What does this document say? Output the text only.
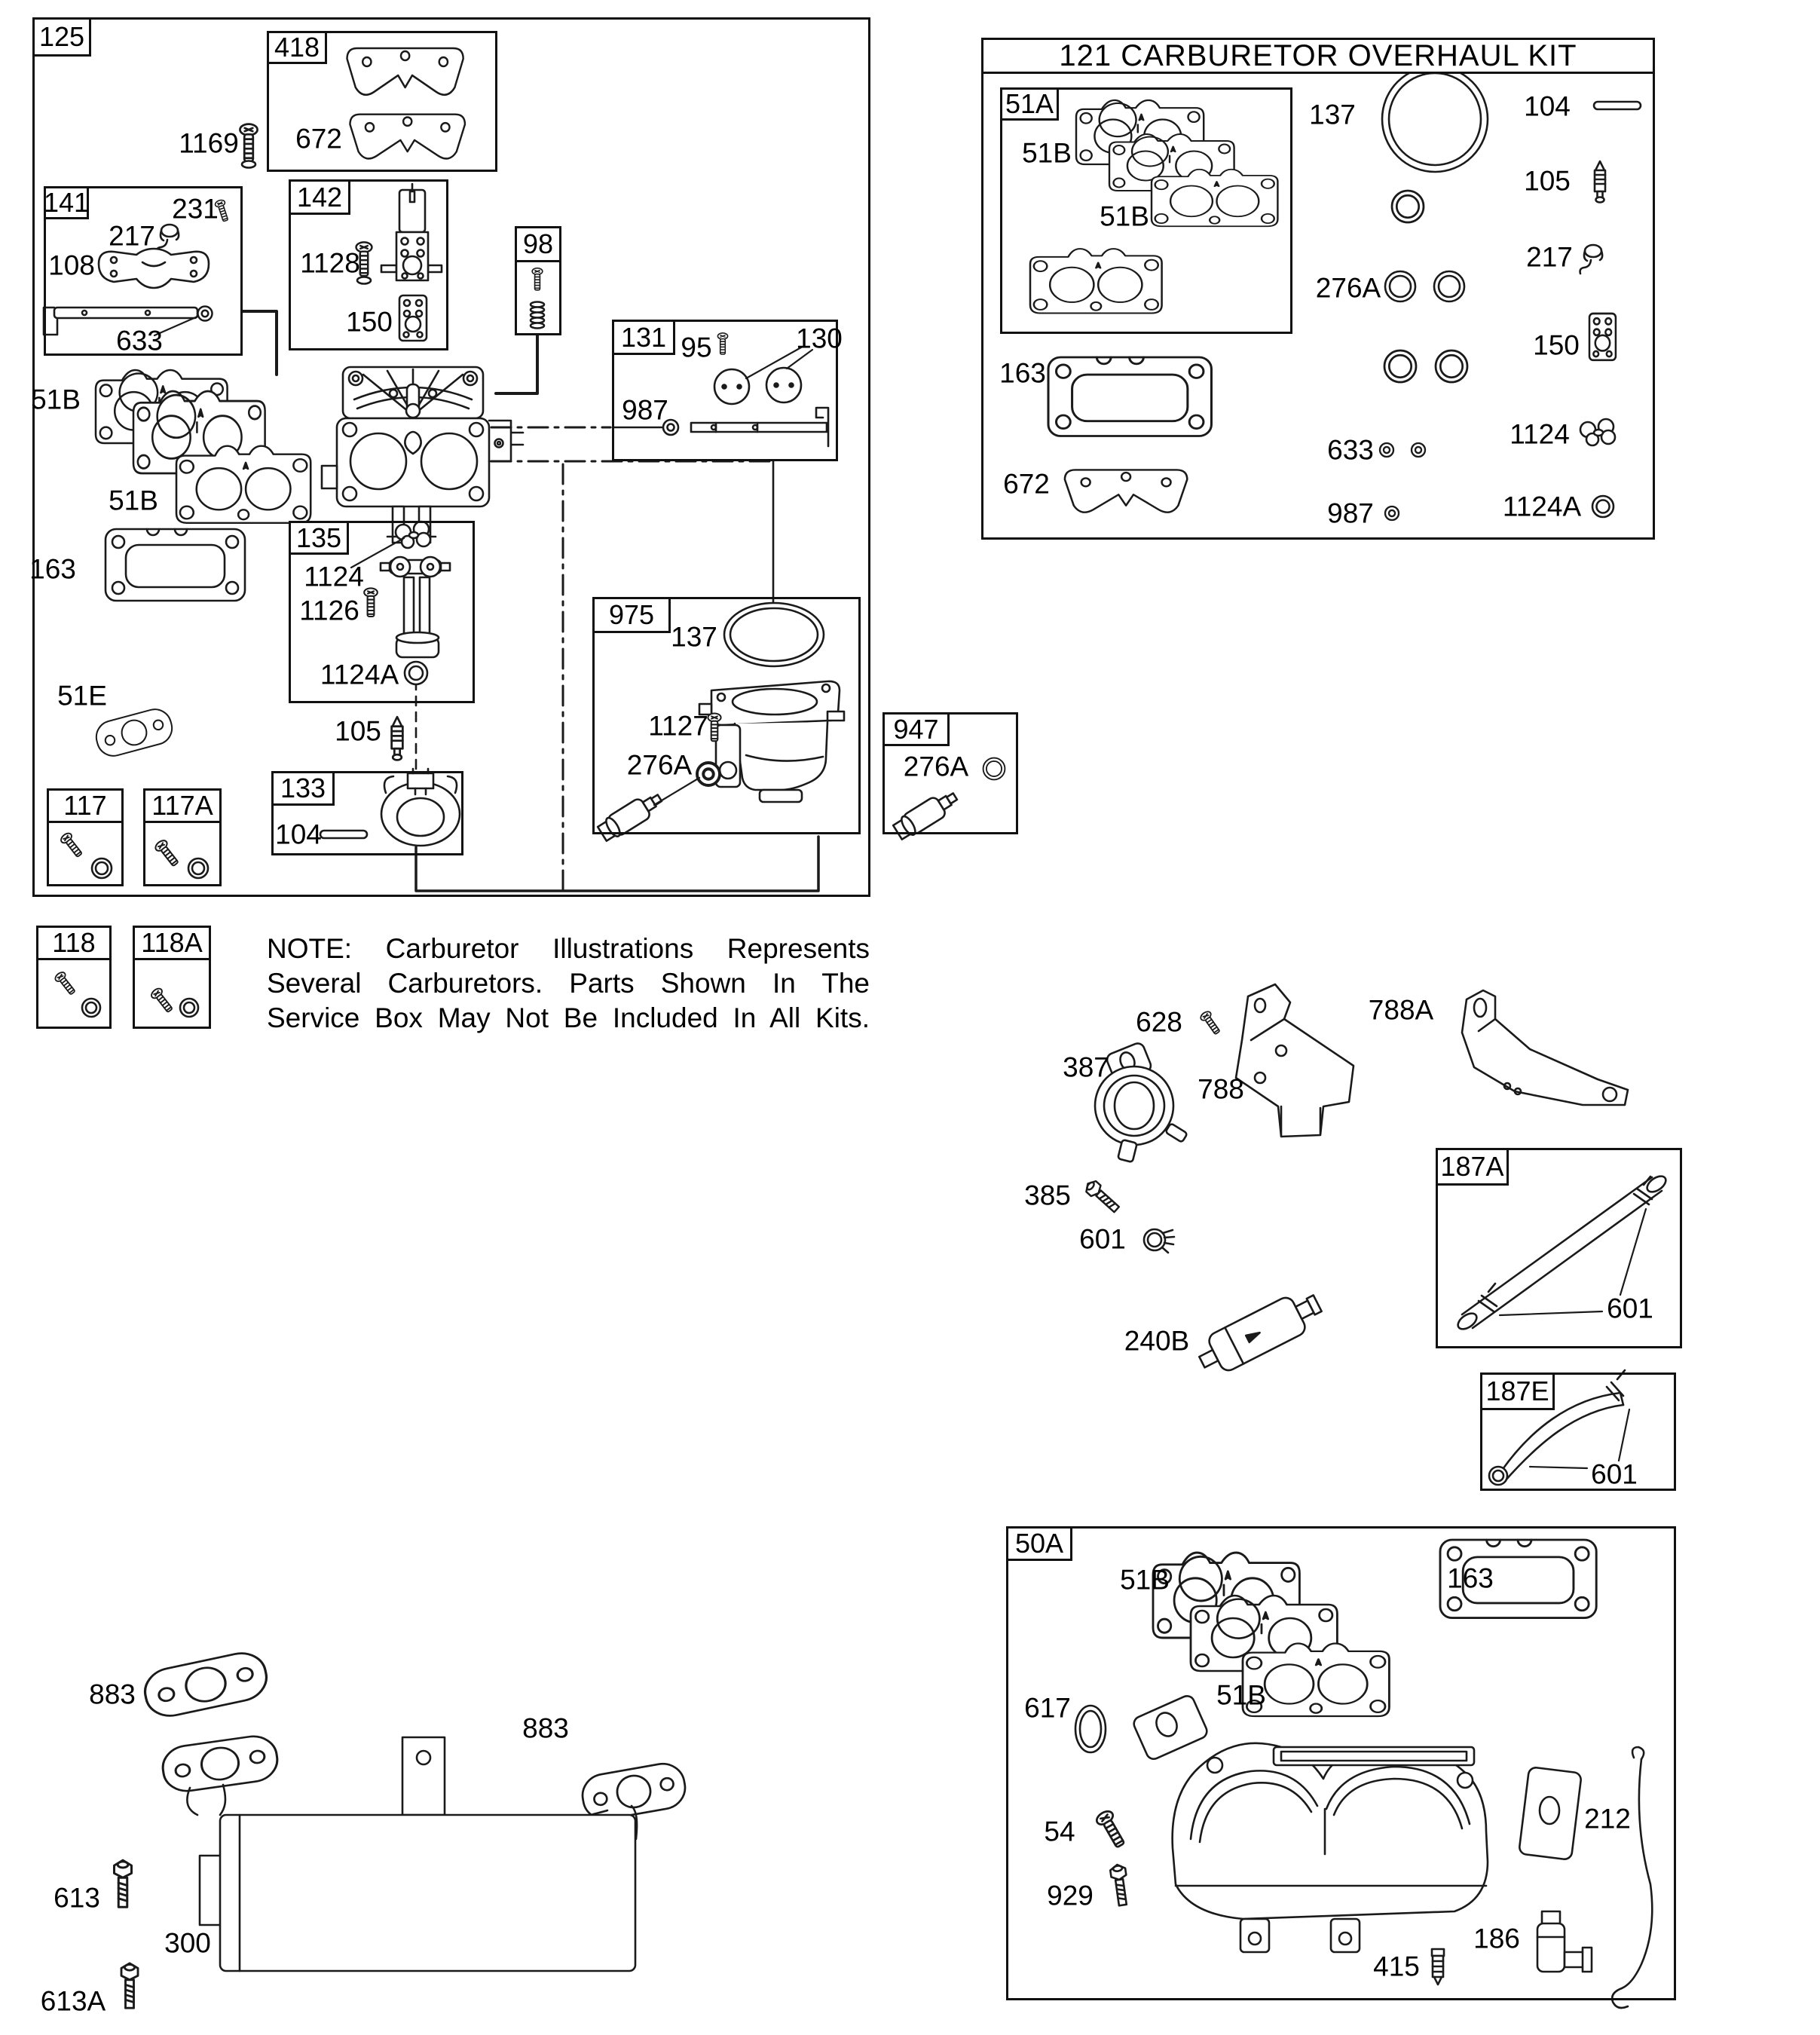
125	418
141	142
98
131
135
117	117A
133
975
947
118	118A
121 CARBURETOR OVERHAUL KIT
51A
187A
187E
50A
1169 672
231
217
108
633
1128
150
95	130
987
51B
51B
163	1124
1126
1124A
51E
105
104
137
1127
276A	276A
51B
51B
137	104
105
217
276A
150
163
633
1124
672
987	1124A
628	788A
387
788
385
601
240B
601
601
883
883
613
300
613A
51B	163
51B
617
54
929
212
415
186
NOTE: Carburetor Illustrations Represents Several Carburetors. Parts Shown In The Service Box May Not Be Included In All Kits.
